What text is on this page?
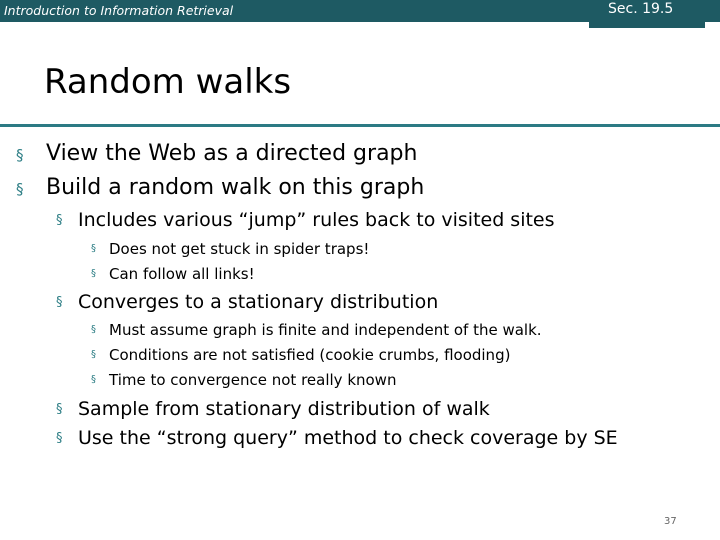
Introduction to Information Retrieval	Sec. 19.5
Random walks
§ View the Web as a directed graph
§ Build a random walk on this graph
§ Includes various “jump” rules back to visited sites
§ Does not get stuck in spider traps!
§ Can follow all links!
§ Converges to a stationary distribution
§ Must assume graph is finite and independent of the walk.
§ Conditions are not satisfied (cookie crumbs, flooding)
§ Time to convergence not really known
§ Sample from stationary distribution of walk
§ Use the “strong query” method to check coverage by SE
37
